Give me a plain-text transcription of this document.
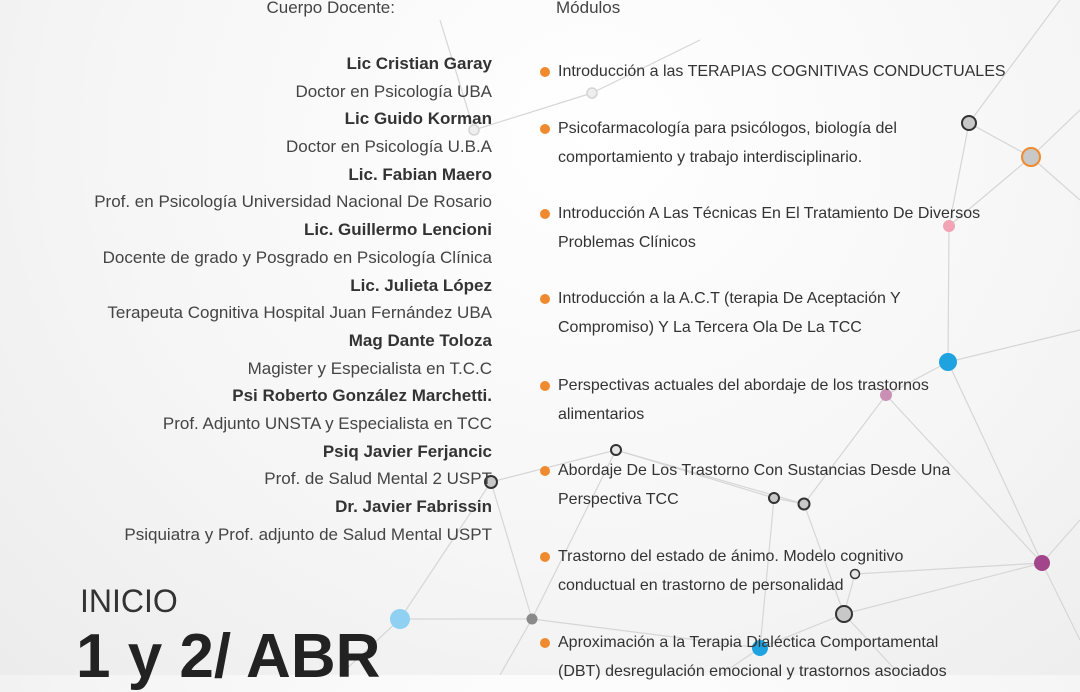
Cuerpo Docente:
Lic Cristian Garay
Doctor en Psicología UBA
Lic Guido Korman
Doctor en Psicología U.B.A
Lic. Fabian Maero
Prof. en Psicología Universidad Nacional De Rosario
Lic. Guillermo Lencioni
Docente de grado y Posgrado en Psicología Clínica
Lic. Julieta López
Terapeuta Cognitiva Hospital Juan Fernández UBA
Mag Dante Toloza
Magister y Especialista en T.C.C
Psi Roberto González Marchetti.
Prof. Adjunto UNSTA y Especialista en TCC
Psiq Javier Ferjancic
Prof. de Salud Mental 2 USPT
Dr. Javier Fabrissin
Psiquiatra y Prof. adjunto de Salud Mental USPT
INICIO
1 y 2/ ABR
Módulos
Introducción a las TERAPIAS COGNITIVAS CONDUCTUALES
Psicofarmacología para psicólogos, biología del
comportamiento y trabajo interdisciplinario.
Introducción A Las Técnicas En El Tratamiento De Diversos
Problemas Clínicos
Introducción a la A.C.T (terapia De Aceptación Y
Compromiso) Y La Tercera Ola De La TCC
Perspectivas actuales del abordaje de los trastornos
alimentarios
Abordaje De Los Trastorno Con Sustancias Desde Una
Perspectiva TCC
Trastorno del estado de ánimo. Modelo cognitivo
conductual en trastorno de personalidad
Aproximación a la Terapia Dialéctica Comportamental
(DBT) desregulación emocional y trastornos asociados
